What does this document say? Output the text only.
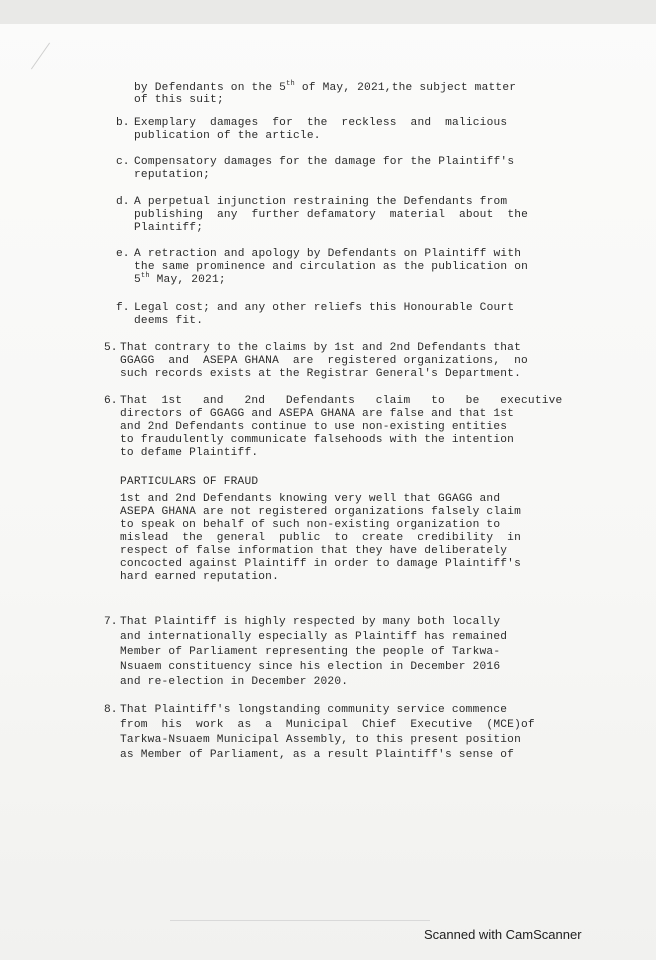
by Defendants on the 5th of May, 2021,the subject matter
of this suit;
b. Exemplary  damages  for  the  reckless  and  malicious
publication of the article.
c. Compensatory damages for the damage for the Plaintiff's
reputation;
d. A perpetual injunction restraining the Defendants from
publishing  any  further defamatory  material  about  the
Plaintiff;
e. A retraction and apology by Defendants on Plaintiff with
the same prominence and circulation as the publication on
5th May, 2021;
f. Legal cost; and any other reliefs this Honourable Court
deems fit.
5. That contrary to the claims by 1st and 2nd Defendants that
GGAGG  and  ASEPA GHANA  are  registered organizations,  no
such records exists at the Registrar General's Department.
6. That  1st   and   2nd   Defendants   claim   to   be   executive
directors of GGAGG and ASEPA GHANA are false and that 1st
and 2nd Defendants continue to use non-existing entities
to fraudulently communicate falsehoods with the intention
to defame Plaintiff.
PARTICULARS OF FRAUD
1st and 2nd Defendants knowing very well that GGAGG and
ASEPA GHANA are not registered organizations falsely claim
to speak on behalf of such non-existing organization to
mislead  the  general  public  to  create  credibility  in
respect of false information that they have deliberately
concocted against Plaintiff in order to damage Plaintiff's
hard earned reputation.
7. That Plaintiff is highly respected by many both locally
and internationally especially as Plaintiff has remained
Member of Parliament representing the people of Tarkwa-
Nsuaem constituency since his election in December 2016
and re-election in December 2020.
8. That Plaintiff's longstanding community service commence
from  his  work  as  a  Municipal  Chief  Executive  (MCE)of
Tarkwa-Nsuaem Municipal Assembly, to this present position
as Member of Parliament, as a result Plaintiff's sense of
Scanned with CamScanner
